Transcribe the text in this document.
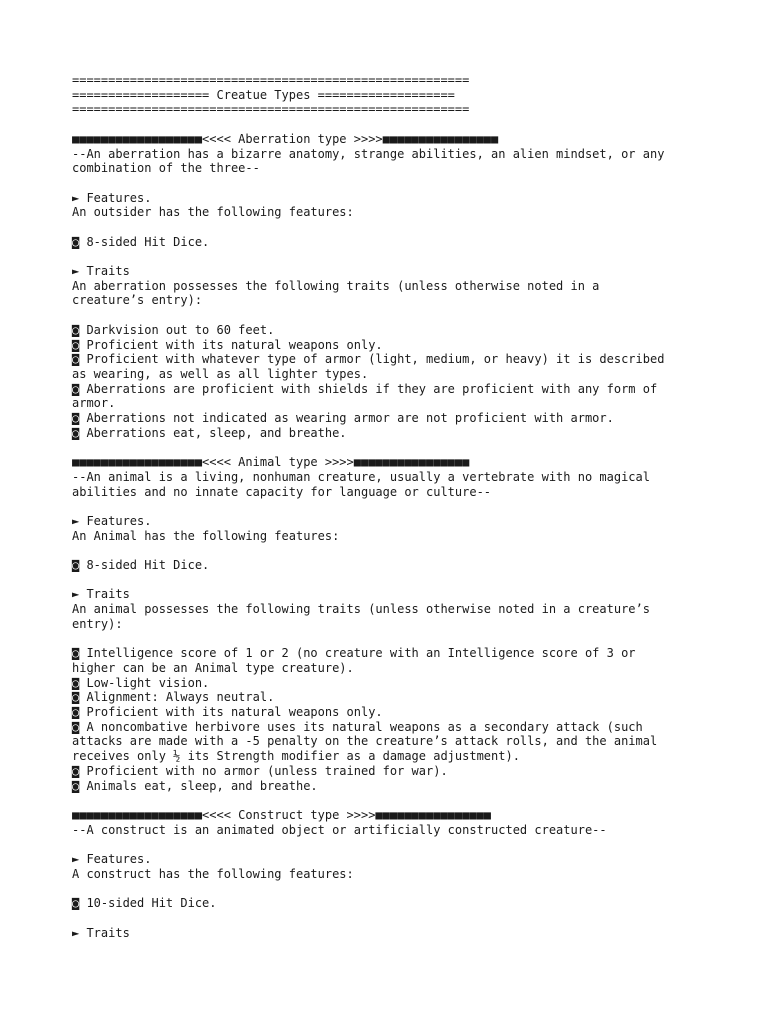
=======================================================
=================== Creatue Types ===================
=======================================================
■■■■■■■■■■■■■■■■■■<<<< Aberration type >>>>■■■■■■■■■■■■■■■■
--An aberration has a bizarre anatomy, strange abilities, an alien mindset, or any
combination of the three--
► Features.
An outsider has the following features:
◙ 8-sided Hit Dice.
► Traits
An aberration possesses the following traits (unless otherwise noted in a
creature’s entry):
◙ Darkvision out to 60 feet.
◙ Proficient with its natural weapons only.
◙ Proficient with whatever type of armor (light, medium, or heavy) it is described
as wearing, as well as all lighter types.
◙ Aberrations are proficient with shields if they are proficient with any form of
armor.
◙ Aberrations not indicated as wearing armor are not proficient with armor.
◙ Aberrations eat, sleep, and breathe.
■■■■■■■■■■■■■■■■■■<<<< Animal type >>>>■■■■■■■■■■■■■■■■
--An animal is a living, nonhuman creature, usually a vertebrate with no magical
abilities and no innate capacity for language or culture--
► Features.
An Animal has the following features:
◙ 8-sided Hit Dice.
► Traits
An animal possesses the following traits (unless otherwise noted in a creature’s
entry):
◙ Intelligence score of 1 or 2 (no creature with an Intelligence score of 3 or
higher can be an Animal type creature).
◙ Low-light vision.
◙ Alignment: Always neutral.
◙ Proficient with its natural weapons only.
◙ A noncombative herbivore uses its natural weapons as a secondary attack (such
attacks are made with a -5 penalty on the creature’s attack rolls, and the animal
receives only ½ its Strength modifier as a damage adjustment).
◙ Proficient with no armor (unless trained for war).
◙ Animals eat, sleep, and breathe.
■■■■■■■■■■■■■■■■■■<<<< Construct type >>>>■■■■■■■■■■■■■■■■
--A construct is an animated object or artificially constructed creature--
► Features.
A construct has the following features:
◙ 10-sided Hit Dice.
► Traits
